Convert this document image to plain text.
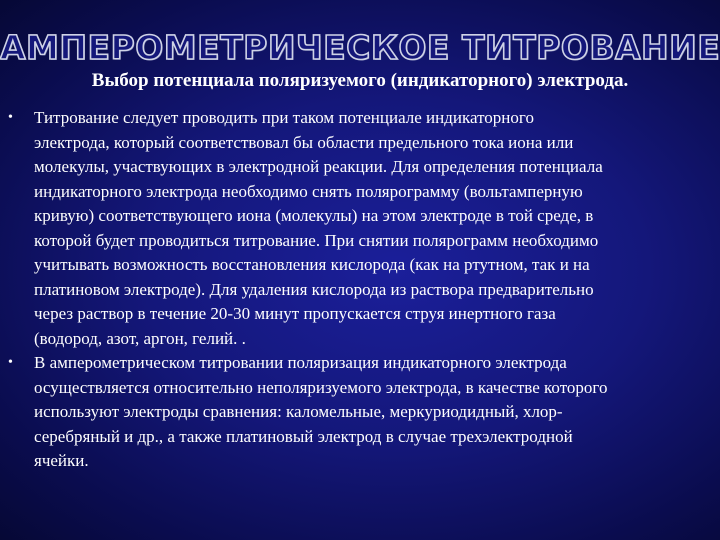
АМПЕРОМЕТРИЧЕСКОЕ ТИТРОВАНИЕ
Выбор потенциала поляризуемого (индикаторного) электрода.
• Титрование следует проводить при таком потенциале индикаторного
электрода, который соответствовал бы области предельного тока иона или
молекулы, участвующих в электродной реакции. Для определения потенциала
индикаторного электрода необходимо снять полярограмму (вольтамперную
кривую) соответствующего иона (молекулы) на этом электроде в той среде, в
которой будет проводиться титрование. При снятии полярограмм необходимо
учитывать возможность восстановления кислорода (как на ртутном, так и на
платиновом электроде). Для удаления кислорода из раствора предварительно
через раствор в течение 20-30 минут пропускается струя инертного газа
(водород, азот, аргон, гелий. .
• В амперометрическом титровании поляризация индикаторного электрода
осуществляется относительно неполяризуемого электрода, в качестве которого
используют электроды сравнения: каломельные, меркуриодидный, хлор-
серебряный и др., а также платиновый электрод в случае трехэлектродной
ячейки.
